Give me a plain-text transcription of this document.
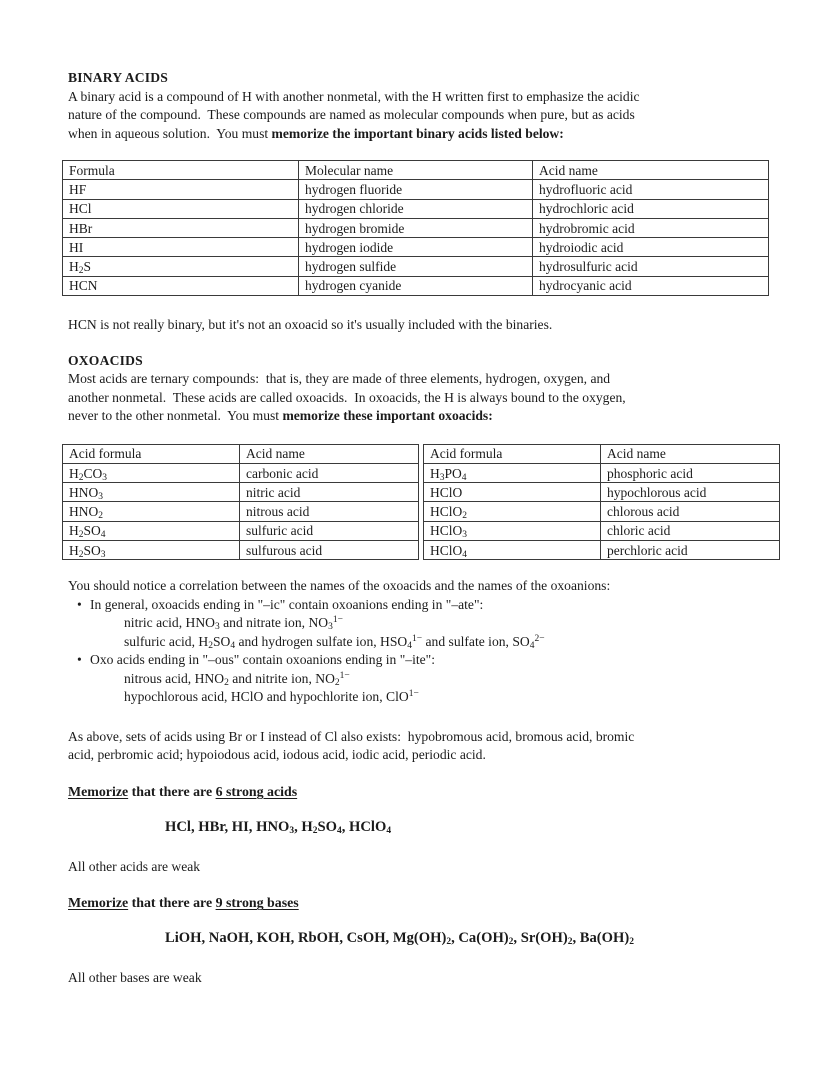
BINARY ACIDS
A binary acid is a compound of H with another nonmetal, with the H written first to emphasize the acidic
nature of the compound.  These compounds are named as molecular compounds when pure, but as acids
when in aqueous solution.  You must memorize the important binary acids listed below:
Formula	Molecular name	Acid name
HF	hydrogen fluoride	hydrofluoric acid
HCl	hydrogen chloride	hydrochloric acid
HBr	hydrogen bromide	hydrobromic acid
HI	hydrogen iodide	hydroiodic acid
$H_2S$	hydrogen sulfide	hydrosulfuric acid
HCN	hydrogen cyanide	hydrocyanic acid
HCN is not really binary, but it's not an oxoacid so it's usually included with the binaries.
OXOACIDS
Most acids are ternary compounds:  that is, they are made of three elements, hydrogen, oxygen, and
another nonmetal.  These acids are called oxoacids.  In oxoacids, the H is always bound to the oxygen,
never to the other nonmetal.  You must memorize these important oxoacids:
Acid formula	Acid name
$H_2CO_3$	carbonic acid
$HNO_3$	nitric acid
$HNO_2$	nitrous acid
$H_2SO_4$	sulfuric acid
$H_2SO_3$	sulfurous acid
Acid formula	Acid name
$H_3PO_4$	phosphoric acid
HClO	hypochlorous acid
HClO$_2$	chlorous acid
HClO$_3$	chloric acid
HClO$_4$	perchloric acid
You should notice a correlation between the names of the oxoacids and the names of the oxoanions:
• In general, oxoacids ending in "–ic" contain oxoanions ending in "–ate":
nitric acid, $HNO_3$ and nitrate ion, $NO_3^{1-}$
sulfuric acid, $H_2SO_4$ and hydrogen sulfate ion, $HSO_4^{1-}$ and sulfate ion, $SO_4^{2-}$
• Oxo acids ending in "–ous" contain oxoanions ending in "–ite":
nitrous acid, $HNO_2$ and nitrite ion, $NO_2^{1-}$
hypochlorous acid, HClO and hypochlorite ion, ClO$^{1-}$
As above, sets of acids using Br or I instead of Cl also exists:  hypobromous acid, bromous acid, bromic
acid, perbromic acid; hypoiodous acid, iodous acid, iodic acid, periodic acid.
Memorize that there are 6 strong acids
HCl, HBr, HI, $HNO_3$, $H_2SO_4$, HClO$_4$
All other acids are weak
Memorize that there are 9 strong bases
LiOH, NaOH, KOH, RbOH, CsOH, $Mg(OH)_2$, $Ca(OH)_2$, $Sr(OH)_2$, $Ba(OH)_2$
All other bases are weak
